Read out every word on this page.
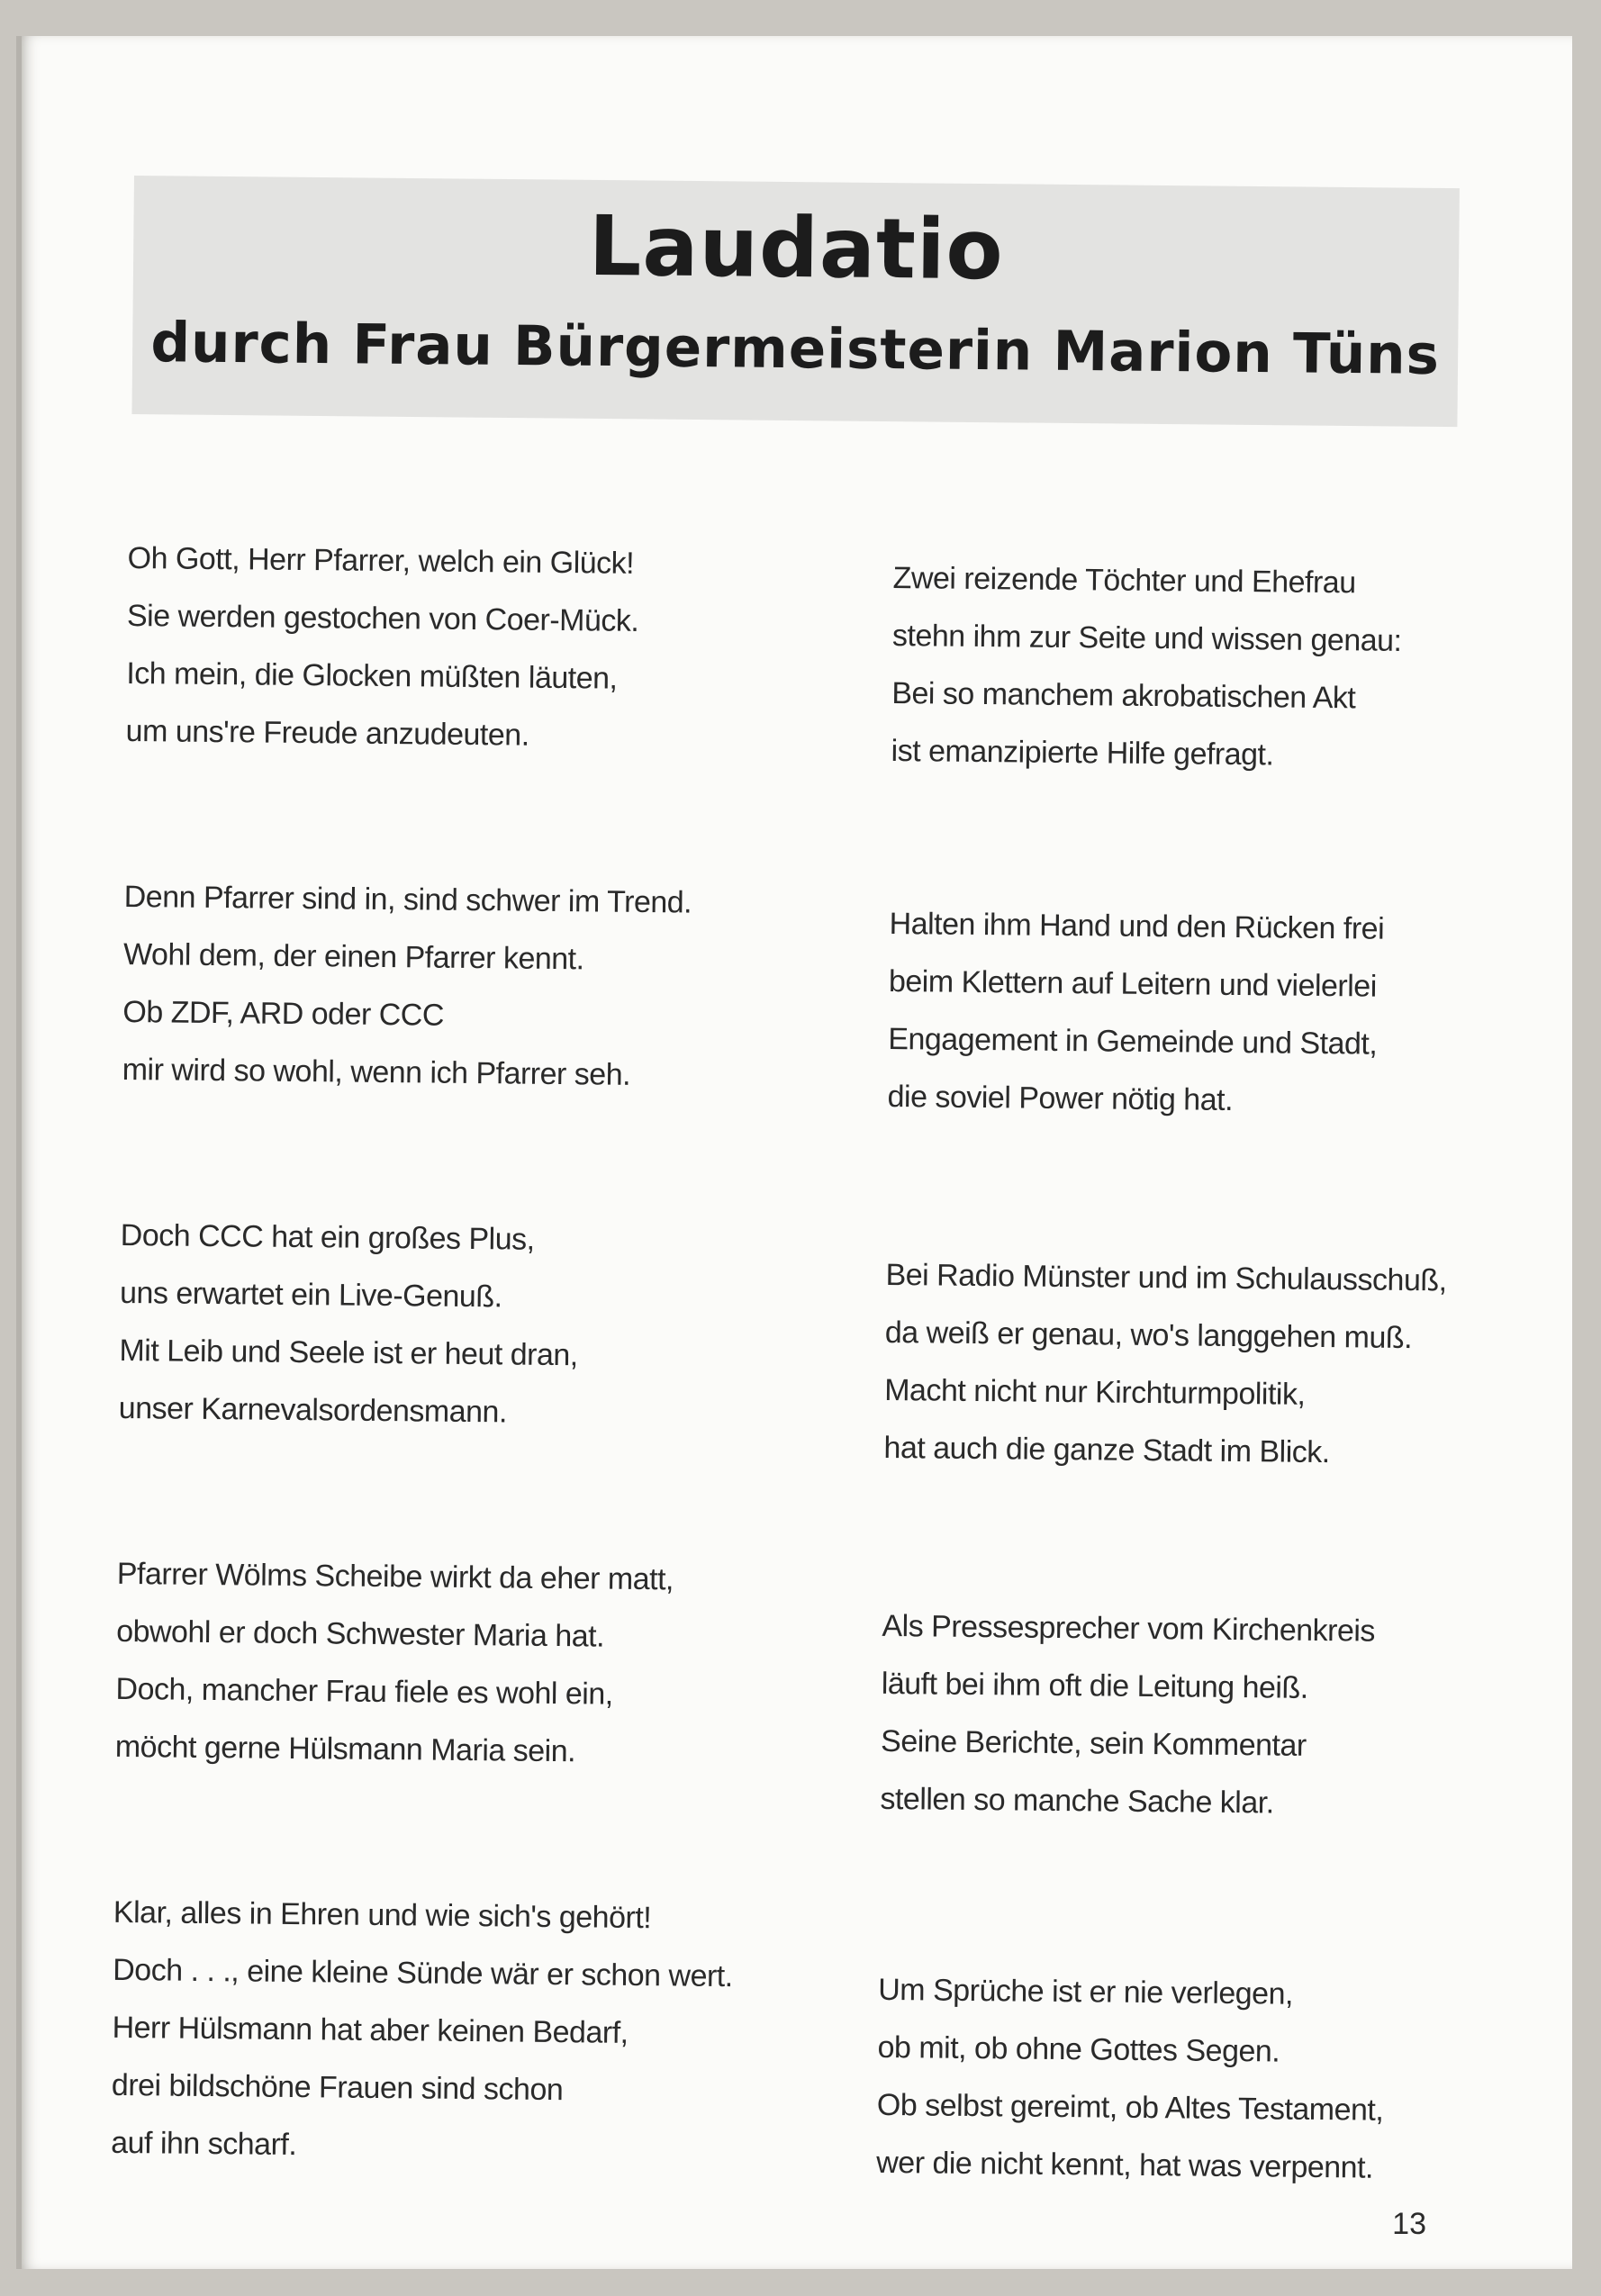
Laudatio
durch Frau Bürgermeisterin Marion Tüns
Oh Gott, Herr Pfarrer, welch ein Glück!
Sie werden gestochen von Coer-Mück.
Ich mein, die Glocken müßten läuten,
um uns're Freude anzudeuten.
Denn Pfarrer sind in, sind schwer im Trend.
Wohl dem, der einen Pfarrer kennt.
Ob ZDF, ARD oder CCC
mir wird so wohl, wenn ich Pfarrer seh.
Doch CCC hat ein großes Plus,
uns erwartet ein Live-Genuß.
Mit Leib und Seele ist er heut dran,
unser Karnevalsordensmann.
Pfarrer Wölms Scheibe wirkt da eher matt,
obwohl er doch Schwester Maria hat.
Doch, mancher Frau fiele es wohl ein,
möcht gerne Hülsmann Maria sein.
Klar, alles in Ehren und wie sich's gehört!
Doch . . ., eine kleine Sünde wär er schon wert.
Herr Hülsmann hat aber keinen Bedarf,
drei bildschöne Frauen sind schon
auf ihn scharf.
Zwei reizende Töchter und Ehefrau
stehn ihm zur Seite und wissen genau:
Bei so manchem akrobatischen Akt
ist emanzipierte Hilfe gefragt.
Halten ihm Hand und den Rücken frei
beim Klettern auf Leitern und vielerlei
Engagement in Gemeinde und Stadt,
die soviel Power nötig hat.
Bei Radio Münster und im Schulausschuß,
da weiß er genau, wo's langgehen muß.
Macht nicht nur Kirchturmpolitik,
hat auch die ganze Stadt im Blick.
Als Pressesprecher vom Kirchenkreis
läuft bei ihm oft die Leitung heiß.
Seine Berichte, sein Kommentar
stellen so manche Sache klar.
Um Sprüche ist er nie verlegen,
ob mit, ob ohne Gottes Segen.
Ob selbst gereimt, ob Altes Testament,
wer die nicht kennt, hat was verpennt.
13
